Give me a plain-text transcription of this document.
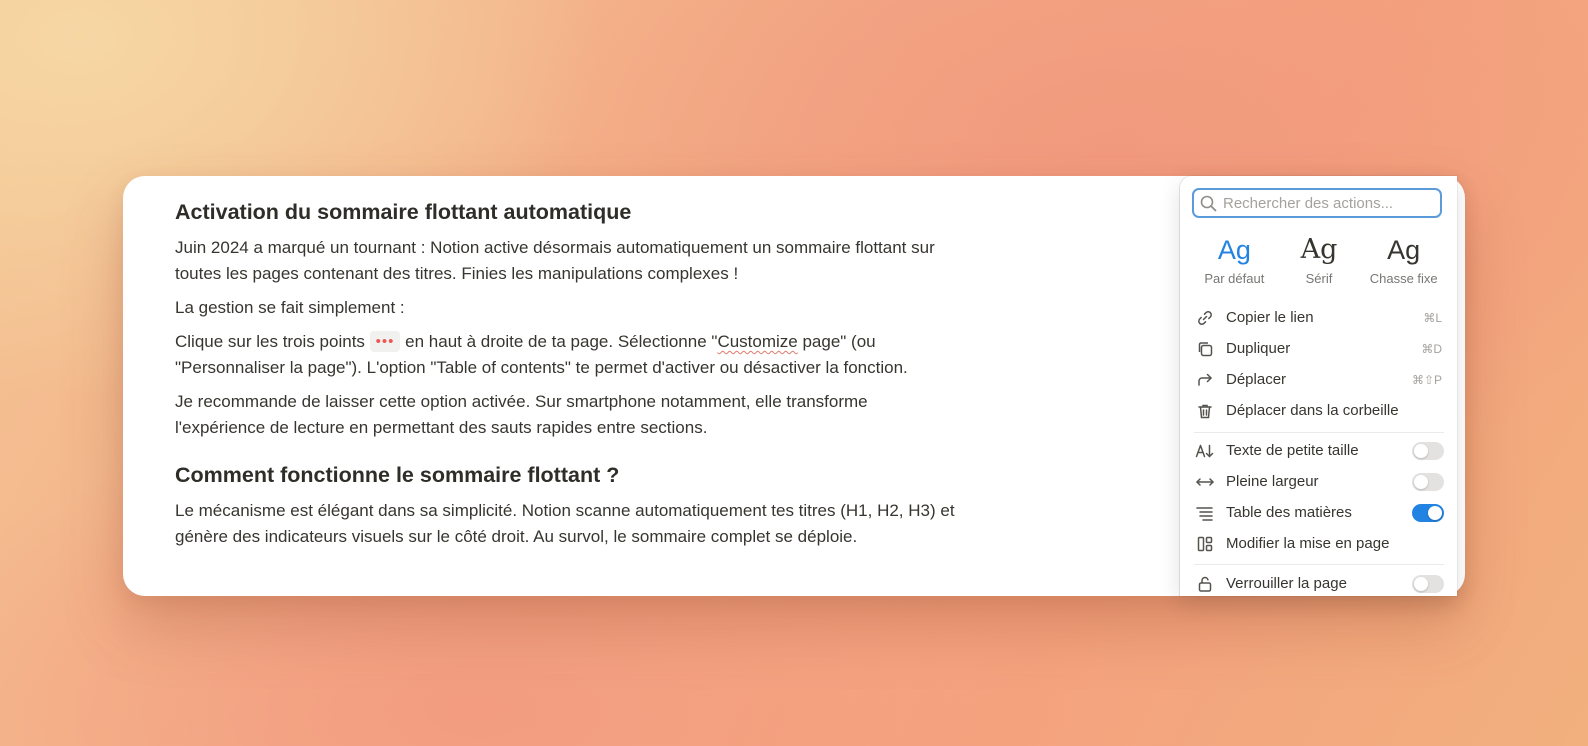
Activation du sommaire flottant automatique

Juin 2024 a marqué un tournant : Notion active désormais automatiquement un sommaire flottant sur toutes les pages contenant des titres. Finies les manipulations complexes !

La gestion se fait simplement :

Clique sur les trois points ••• en haut à droite de ta page. Sélectionne "Customize page" (ou "Personnaliser la page"). L'option "Table of contents" te permet d'activer ou désactiver la fonction.

Je recommande de laisser cette option activée. Sur smartphone notamment, elle transforme l'expérience de lecture en permettant des sauts rapides entre sections.

Comment fonctionne le sommaire flottant ?

Le mécanisme est élégant dans sa simplicité. Notion scanne automatiquement tes titres (H1, H2, H3) et génère des indicateurs visuels sur le côté droit. Au survol, le sommaire complet se déploie.

Rechercher des actions...
Ag
Par défaut
Ag
Sérif
Ag
Chasse fixe
Copier le lien	⌘L
Dupliquer	⌘D
Déplacer	⌘⇧P
Déplacer dans la corbeille
Texte de petite taille
Pleine largeur
Table des matières
Modifier la mise en page
Verrouiller la page
